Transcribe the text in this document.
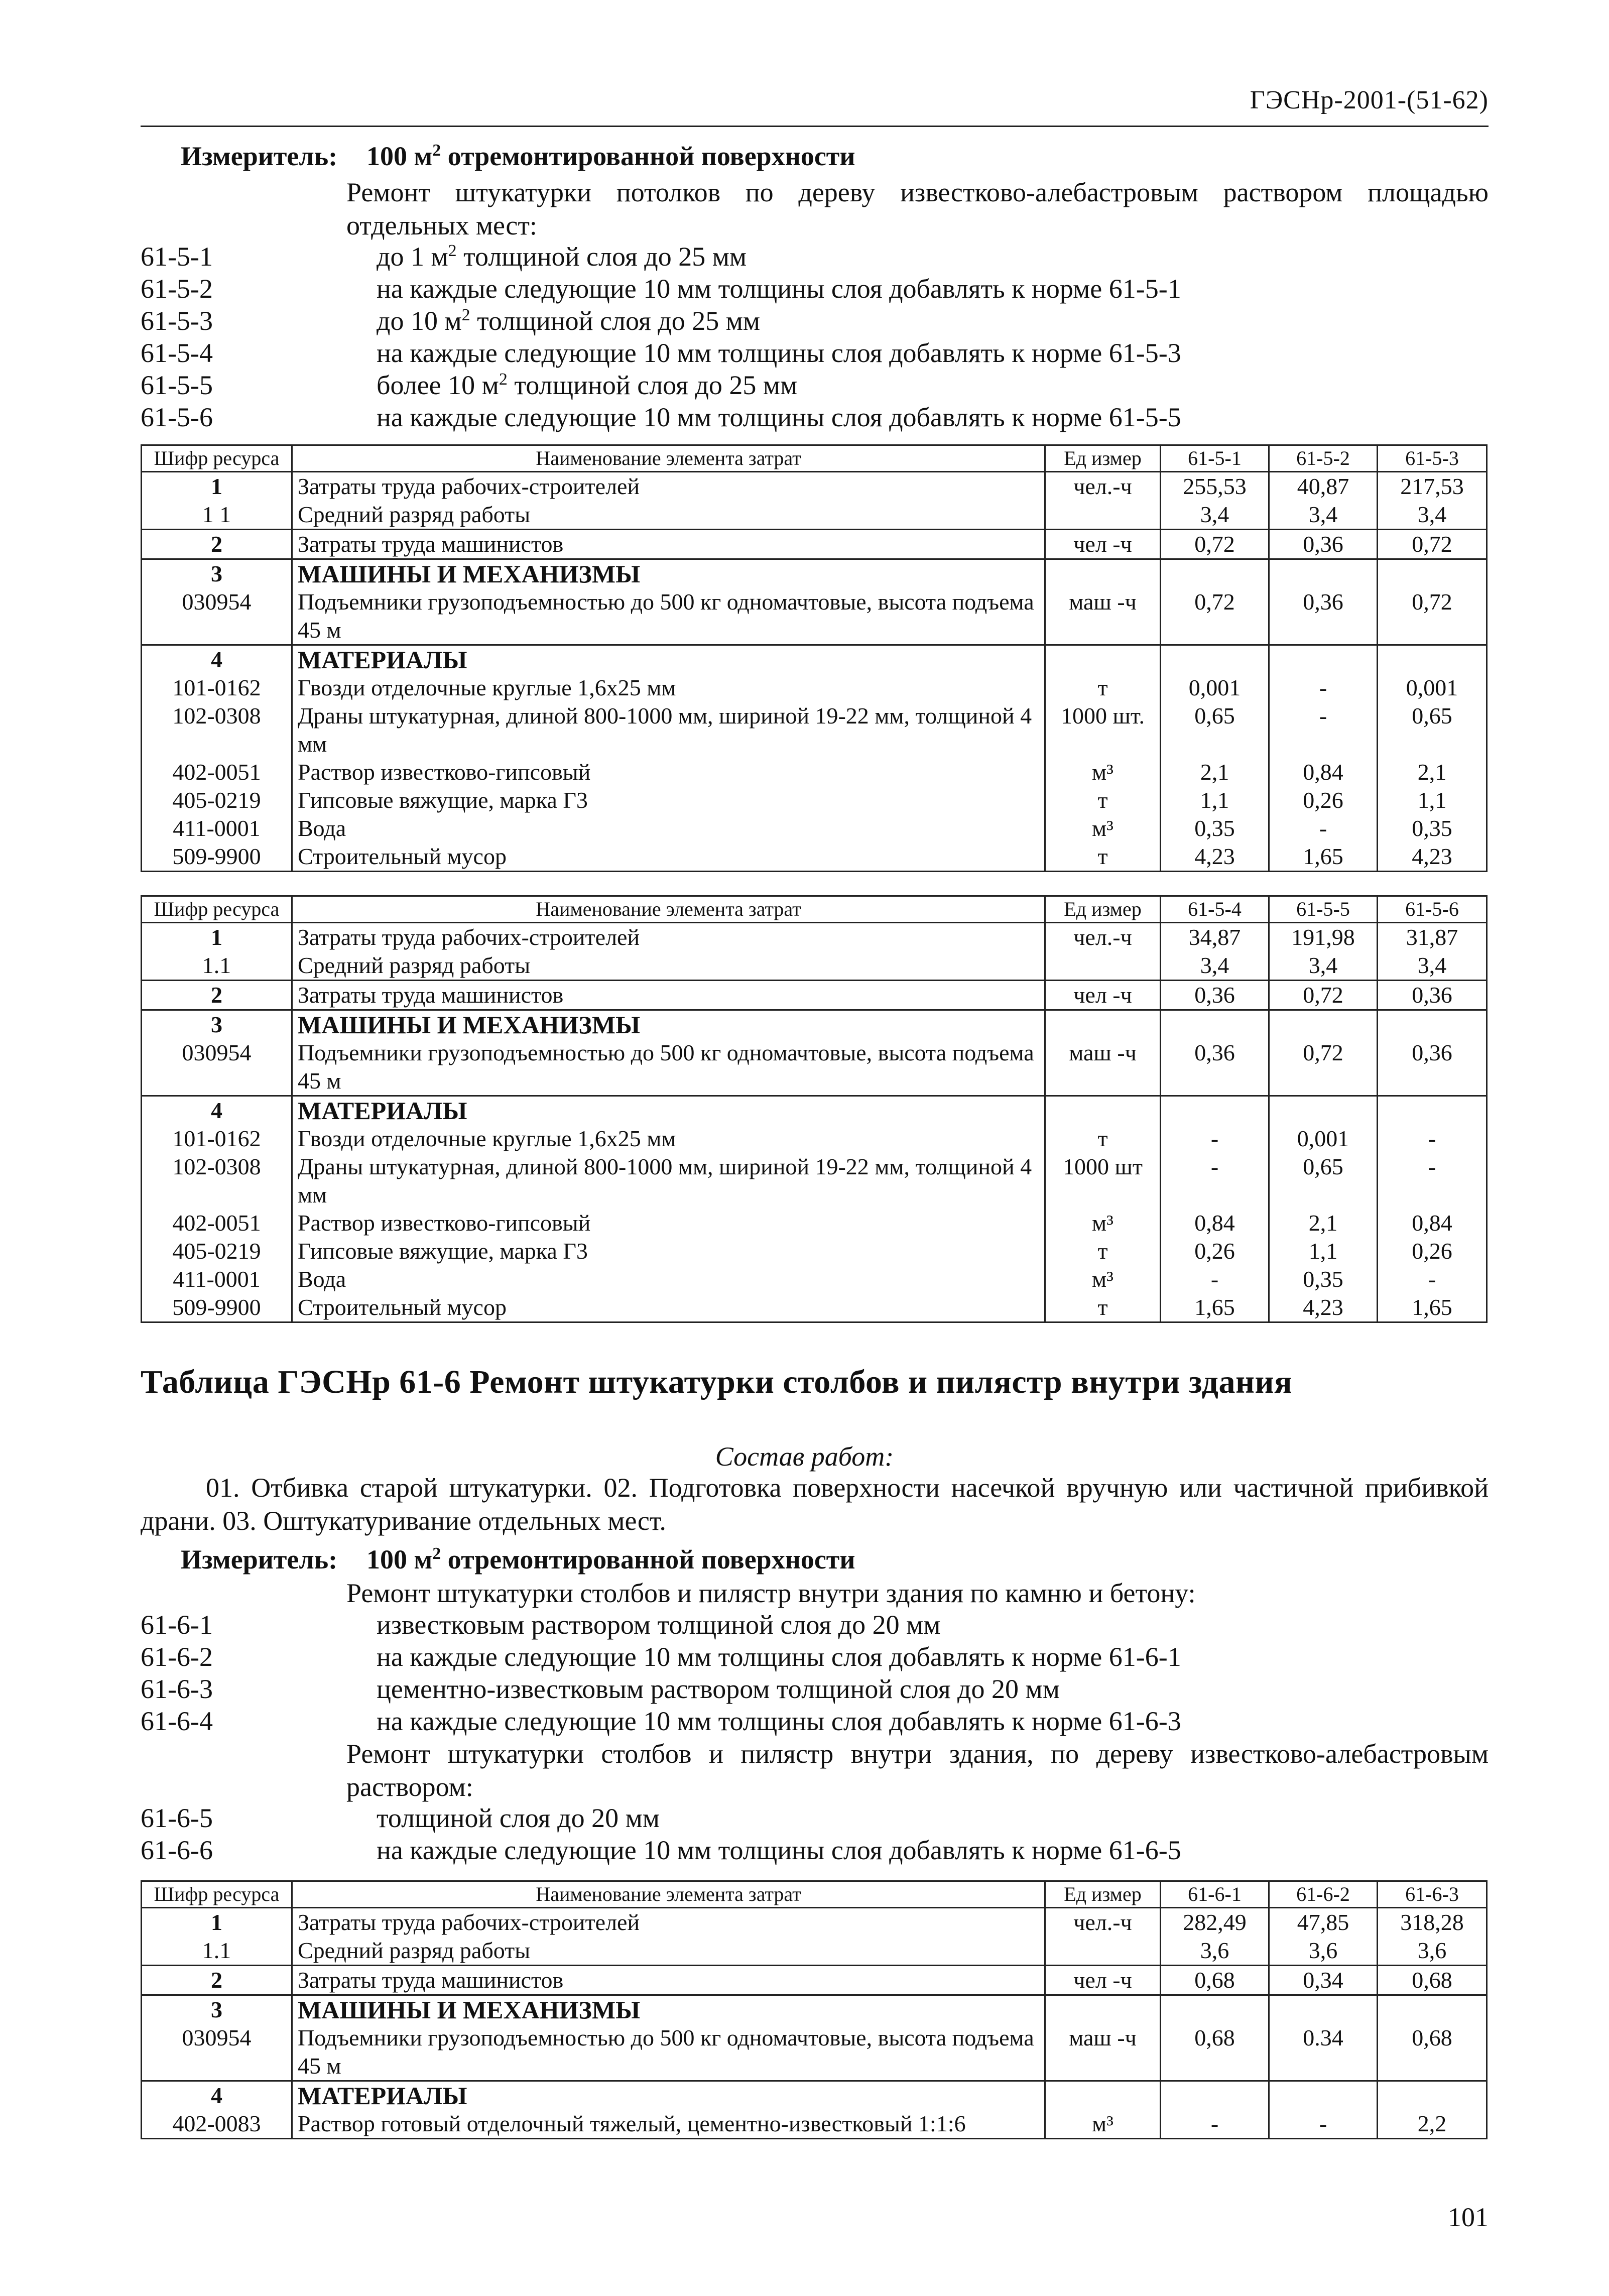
ГЭСНр-2001-(51-62)
Измеритель: 100 $м^2$ отремонтированной поверхности
Ремонт штукатурки потолков по дереву известково-алебастровым раствором площадью отдельных мест:
61-5-1	до 1 $м^2$ толщиной слоя до 25 мм
61-5-2	на каждые следующие 10 мм толщины слоя добавлять к норме 61-5-1
61-5-3	до 10 $м^2$ толщиной слоя до 25 мм
61-5-4	на каждые следующие 10 мм толщины слоя добавлять к норме 61-5-3
61-5-5	более 10 $м^2$ толщиной слоя до 25 мм
61-5-6	на каждые следующие 10 мм толщины слоя добавлять к норме 61-5-5
Шифр ресурса	Наименование элемента затрат	Ед измер	61-5-1	61-5-2	61-5-3
1	Затраты труда рабочих-строителей	чел.-ч	255,53	40,87	217,53
1 1	Средний разряд работы		3,4	3,4	3,4
2	Затраты труда машинистов	чел -ч	0,72	0,36	0,72
3	МАШИНЫ И МЕХАНИЗМЫ				
030954	Подъемники грузоподъемностью до 500 кг одномачтовые, высота подъема 45 м	маш -ч	0,72	0,36	0,72
4	МАТЕРИАЛЫ				
101-0162	Гвозди отделочные круглые 1,6х25 мм	т	0,001	-	0,001
102-0308	Драны штукатурная, длиной 800-1000 мм, шириной 19-22 мм, толщиной 4 мм	1000 шт.	0,65	-	0,65
402-0051	Раствор известково-гипсовый	м³	2,1	0,84	2,1
405-0219	Гипсовые вяжущие, марка Г3	т	1,1	0,26	1,1
411-0001	Вода	м³	0,35	-	0,35
509-9900	Строительный мусор	т	4,23	1,65	4,23
Шифр ресурса	Наименование элемента затрат	Ед измер	61-5-4	61-5-5	61-5-6
1	Затраты труда рабочих-строителей	чел.-ч	34,87	191,98	31,87
1.1	Средний разряд работы		3,4	3,4	3,4
2	Затраты труда машинистов	чел -ч	0,36	0,72	0,36
3	МАШИНЫ И МЕХАНИЗМЫ				
030954	Подъемники грузоподъемностью до 500 кг одномачтовые, высота подъема 45 м	маш -ч	0,36	0,72	0,36
4	МАТЕРИАЛЫ				
101-0162	Гвозди отделочные круглые 1,6х25 мм	т	-	0,001	-
102-0308	Драны штукатурная, длиной 800-1000 мм, шириной 19-22 мм, толщиной 4 мм	1000 шт	-	0,65	-
402-0051	Раствор известково-гипсовый	м³	0,84	2,1	0,84
405-0219	Гипсовые вяжущие, марка Г3	т	0,26	1,1	0,26
411-0001	Вода	м³	-	0,35	-
509-9900	Строительный мусор	т	1,65	4,23	1,65
Таблица ГЭСНр 61-6 Ремонт штукатурки столбов и пилястр внутри здания
Состав работ:
01. Отбивка старой штукатурки. 02. Подготовка поверхности насечкой вручную или частичной прибивкой драни. 03. Оштукатуривание отдельных мест.
Измеритель: 100 $м^2$ отремонтированной поверхности
Ремонт штукатурки столбов и пилястр внутри здания по камню и бетону:
61-6-1	известковым раствором толщиной слоя до 20 мм
61-6-2	на каждые следующие 10 мм толщины слоя добавлять к норме 61-6-1
61-6-3	цементно-известковым раствором толщиной слоя до 20 мм
61-6-4	на каждые следующие 10 мм толщины слоя добавлять к норме 61-6-3
Ремонт штукатурки столбов и пилястр внутри здания, по дереву известково-алебастровым раствором:
61-6-5	толщиной слоя до 20 мм
61-6-6	на каждые следующие 10 мм толщины слоя добавлять к норме 61-6-5
Шифр ресурса	Наименование элемента затрат	Ед измер	61-6-1	61-6-2	61-6-3
1	Затраты труда рабочих-строителей	чел.-ч	282,49	47,85	318,28
1.1	Средний разряд работы		3,6	3,6	3,6
2	Затраты труда машинистов	чел -ч	0,68	0,34	0,68
3	МАШИНЫ И МЕХАНИЗМЫ				
030954	Подъемники грузоподъемностью до 500 кг одномачтовые, высота подъема 45 м	маш -ч	0,68	0.34	0,68
4	МАТЕРИАЛЫ				
402-0083	Раствор готовый отделочный тяжелый, цементно-известковый 1:1:6	м³	-	-	2,2
101
